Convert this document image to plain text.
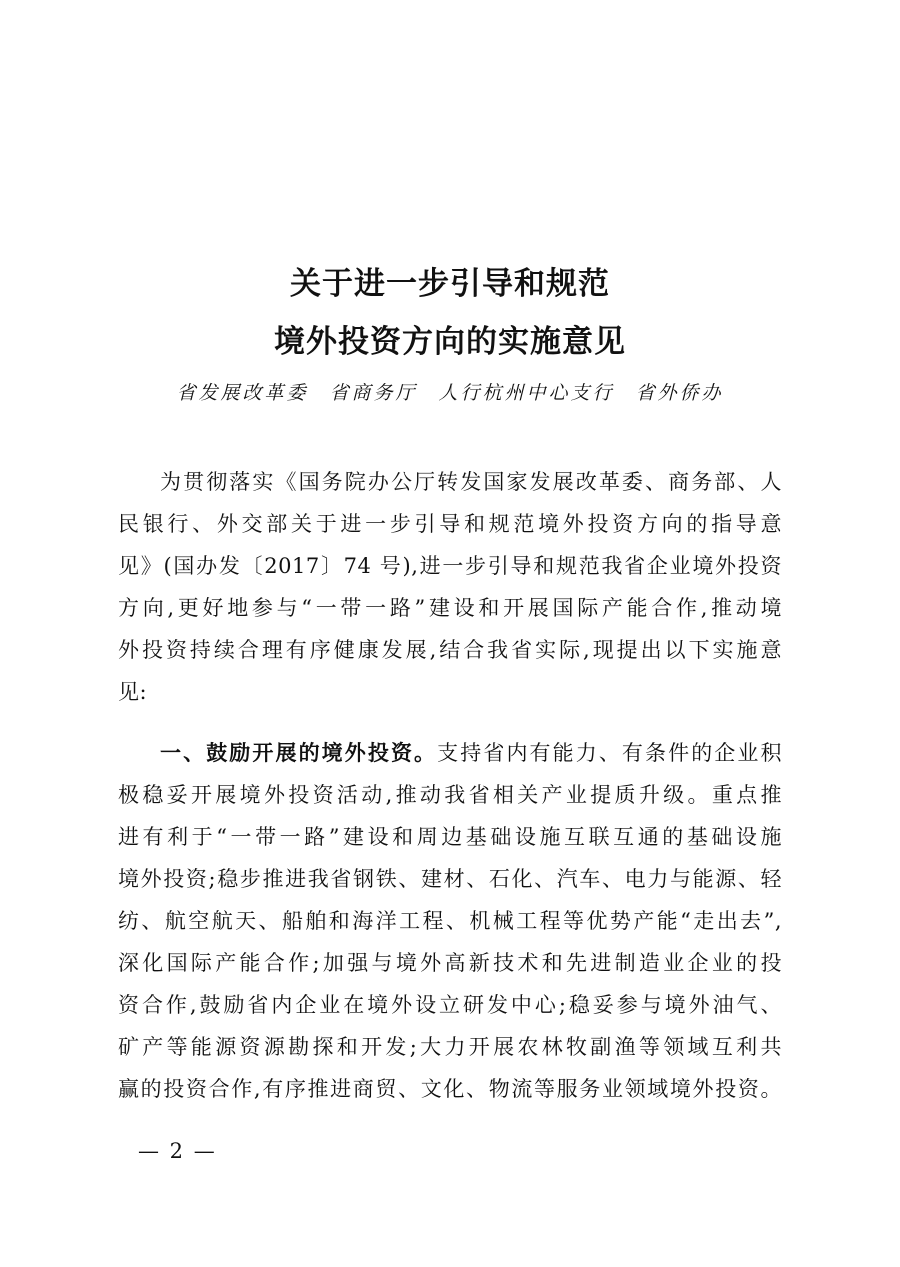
关于进一步引导和规范
境外投资方向的实施意见
省发展改革委 省商务厅 人行杭州中心支行 省外侨办
为贯彻落实《国务院办公厅转发国家发展改革委、商务部、人
民银行、外交部关于进一步引导和规范境外投资方向的指导意
见》(国办发〔2017〕74 号),进一步引导和规范我省企业境外投资
方向,更好地参与“一带一路”建设和开展国际产能合作,推动境
外投资持续合理有序健康发展,结合我省实际,现提出以下实施意
见:
一、鼓励开展的境外投资。支持省内有能力、有条件的企业积
极稳妥开展境外投资活动,推动我省相关产业提质升级。重点推
进有利于“一带一路”建设和周边基础设施互联互通的基础设施
境外投资;稳步推进我省钢铁、建材、石化、汽车、电力与能源、轻
纺、航空航天、船舶和海洋工程、机械工程等优势产能“走出去”,
深化国际产能合作;加强与境外高新技术和先进制造业企业的投
资合作,鼓励省内企业在境外设立研发中心;稳妥参与境外油气、
矿产等能源资源勘探和开发;大力开展农林牧副渔等领域互利共
赢的投资合作,有序推进商贸、文化、物流等服务业领域境外投资。
— 2 —
